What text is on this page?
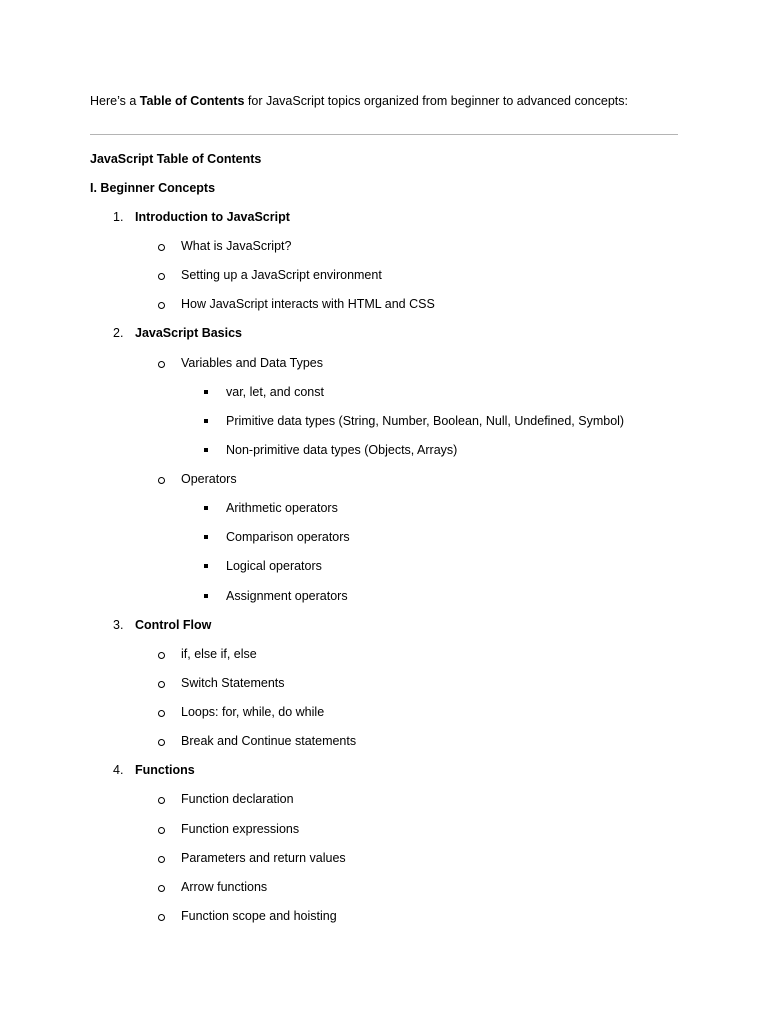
Here’s a Table of Contents for JavaScript topics organized from beginner to advanced concepts:
JavaScript Table of Contents
I. Beginner Concepts
1. Introduction to JavaScript
What is JavaScript?
Setting up a JavaScript environment
How JavaScript interacts with HTML and CSS
2. JavaScript Basics
Variables and Data Types
var, let, and const
Primitive data types (String, Number, Boolean, Null, Undefined, Symbol)
Non-primitive data types (Objects, Arrays)
Operators
Arithmetic operators
Comparison operators
Logical operators
Assignment operators
3. Control Flow
if, else if, else
Switch Statements
Loops: for, while, do while
Break and Continue statements
4. Functions
Function declaration
Function expressions
Parameters and return values
Arrow functions
Function scope and hoisting
